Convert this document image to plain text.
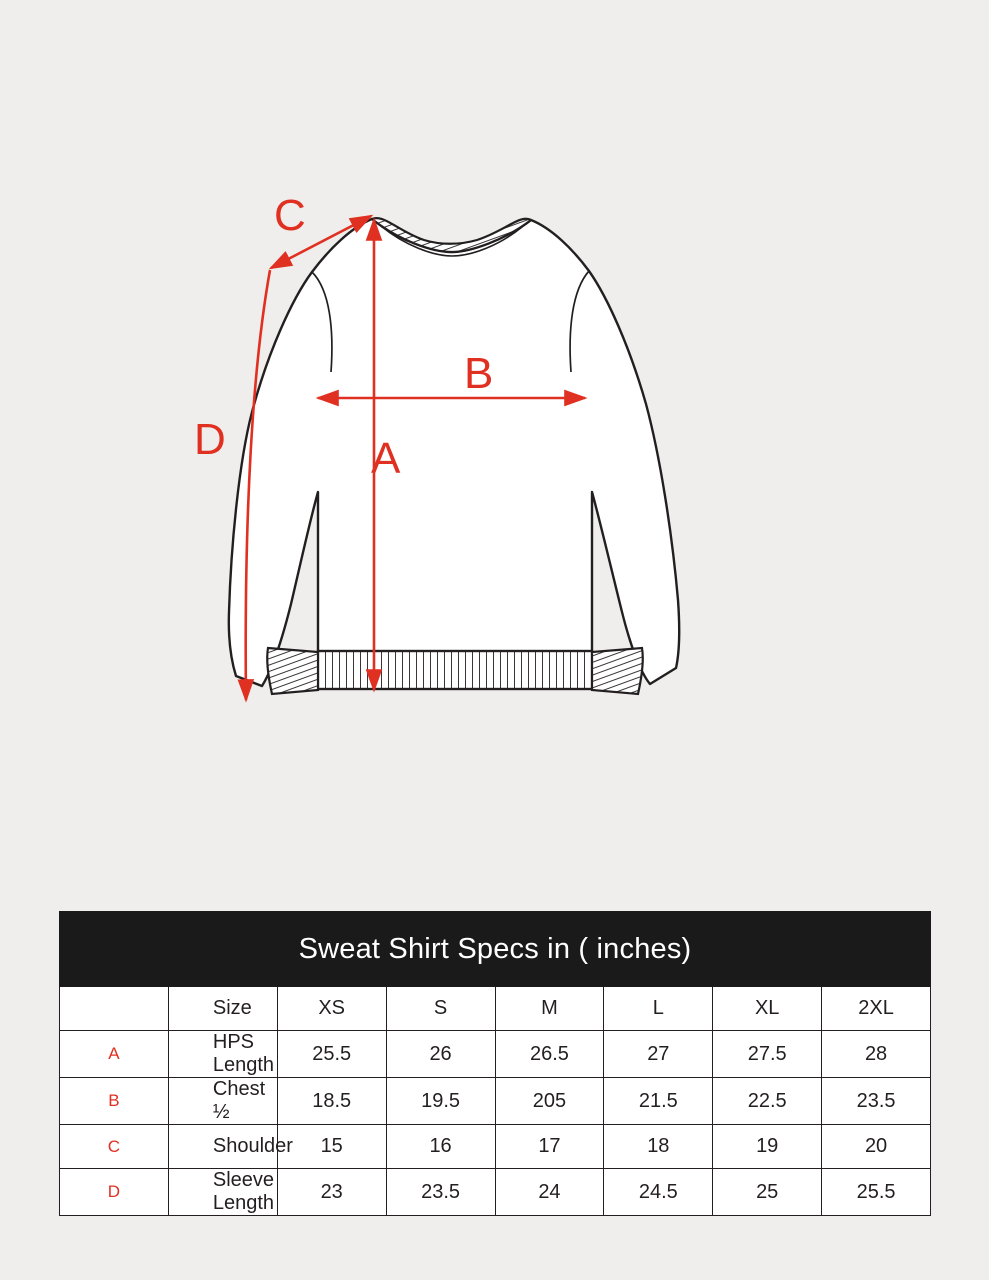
C
B
D	A
Sweat Shirt Specs in ( inches)							
	Size	XS	S	M	L	XL	2XL
A	HPS Length	25.5	26	26.5	27	27.5	28
B	Chest ½	18.5	19.5	205	21.5	22.5	23.5
C	Shoulder	15	16	17	18	19	20
D	Sleeve Length	23	23.5	24	24.5	25	25.5
